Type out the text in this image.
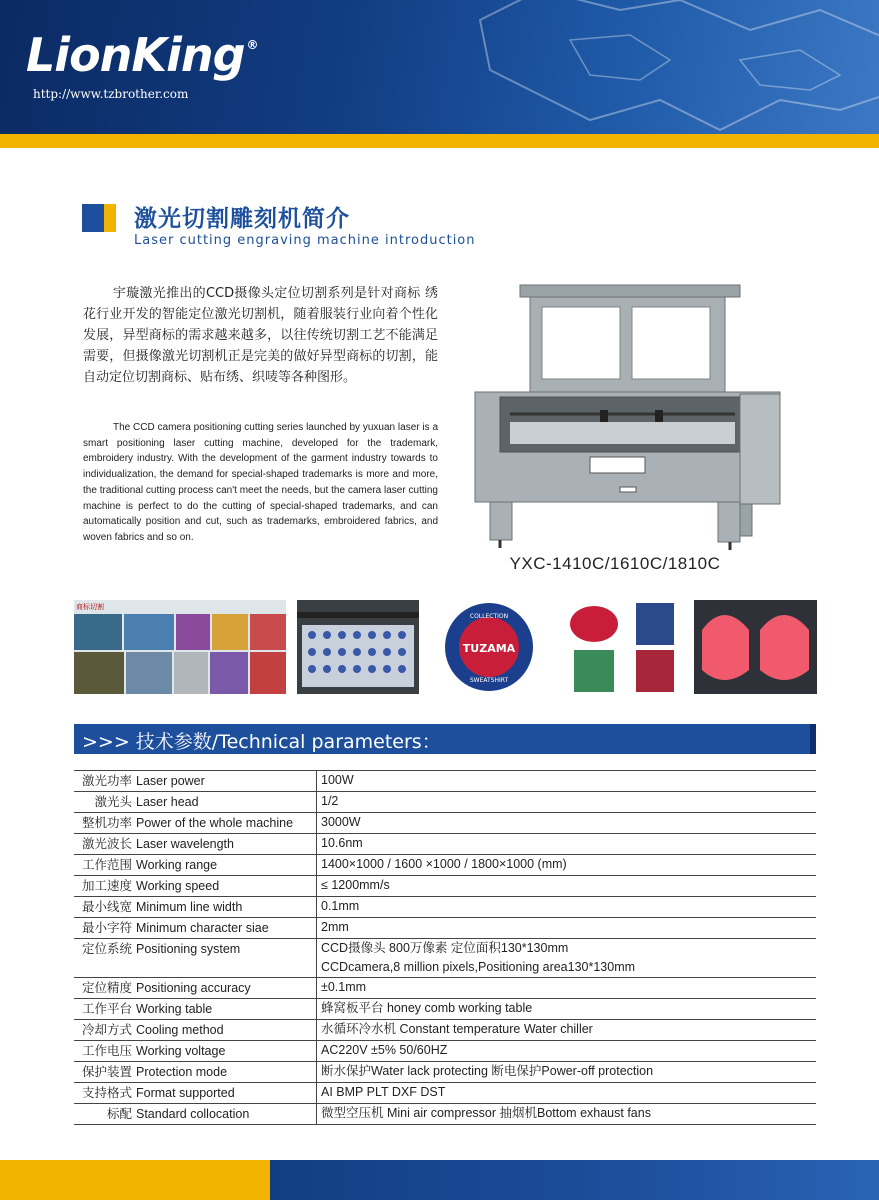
LionKing ®
http://www.tzbrother.com
激光切割雕刻机简介
Laser cutting engraving machine introduction
宇璇激光推出的CCD摄像头定位切割系列是针对商标 绣花行业开发的智能定位激光切割机，随着服装行业向着个性化发展，异型商标的需求越来越多，以往传统切割工艺不能满足需要，但摄像激光切割机正是完美的做好异型商标的切割，能自动定位切割商标、贴布绣、织唛等各种图形。
The CCD camera positioning cutting series launched by yuxuan laser is a smart positioning laser cutting machine, developed for the trademark, embroidery industry. With the development of the garment industry towards to individualization, the demand for special-shaped trademarks is more and more, the traditional cutting process can't meet the needs, but the camera laser cutting machine is perfect to do the cutting of special-shaped trademarks, and can automatically position and cut, such as trademarks, embroidered fabrics, and woven fabrics and so on.
YXC-1410C/1610C/1810C
商标切割
TUZAMA
COLLECTION
SWEATSHIRT
>>> 技术参数/Technical parameters：
激光功率 Laser power	100W

激光头 Laser head	1/2

整机功率 Power of the whole machine	3000W

激光波长 Laser wavelength	10.6nm

工作范围 Working range	1400×1000 / 1600 ×1000 / 1800×1000 (mm)

加工速度 Working speed	≤ 1200mm/s

最小线宽 Minimum line width	0.1mm

最小字符 Minimum character siae	2mm

定位系统 Positioning system	CCD摄像头 800万像素 定位面积130*130mm
CCDcamera,8 million pixels,Positioning area130*130mm

定位精度 Positioning accuracy	±0.1mm

工作平台 Working table	蜂窝板平台 honey comb working table

冷却方式 Cooling method	水循环冷水机 Constant temperature Water chiller

工作电压 Working voltage	AC220V ±5% 50/60HZ

保护装置 Protection mode	断水保护Water lack protecting 断电保护Power-off protection

支持格式 Format supported	AI BMP PLT DXF DST

标配 Standard collocation	微型空压机 Mini air compressor 抽烟机Bottom exhaust fans
